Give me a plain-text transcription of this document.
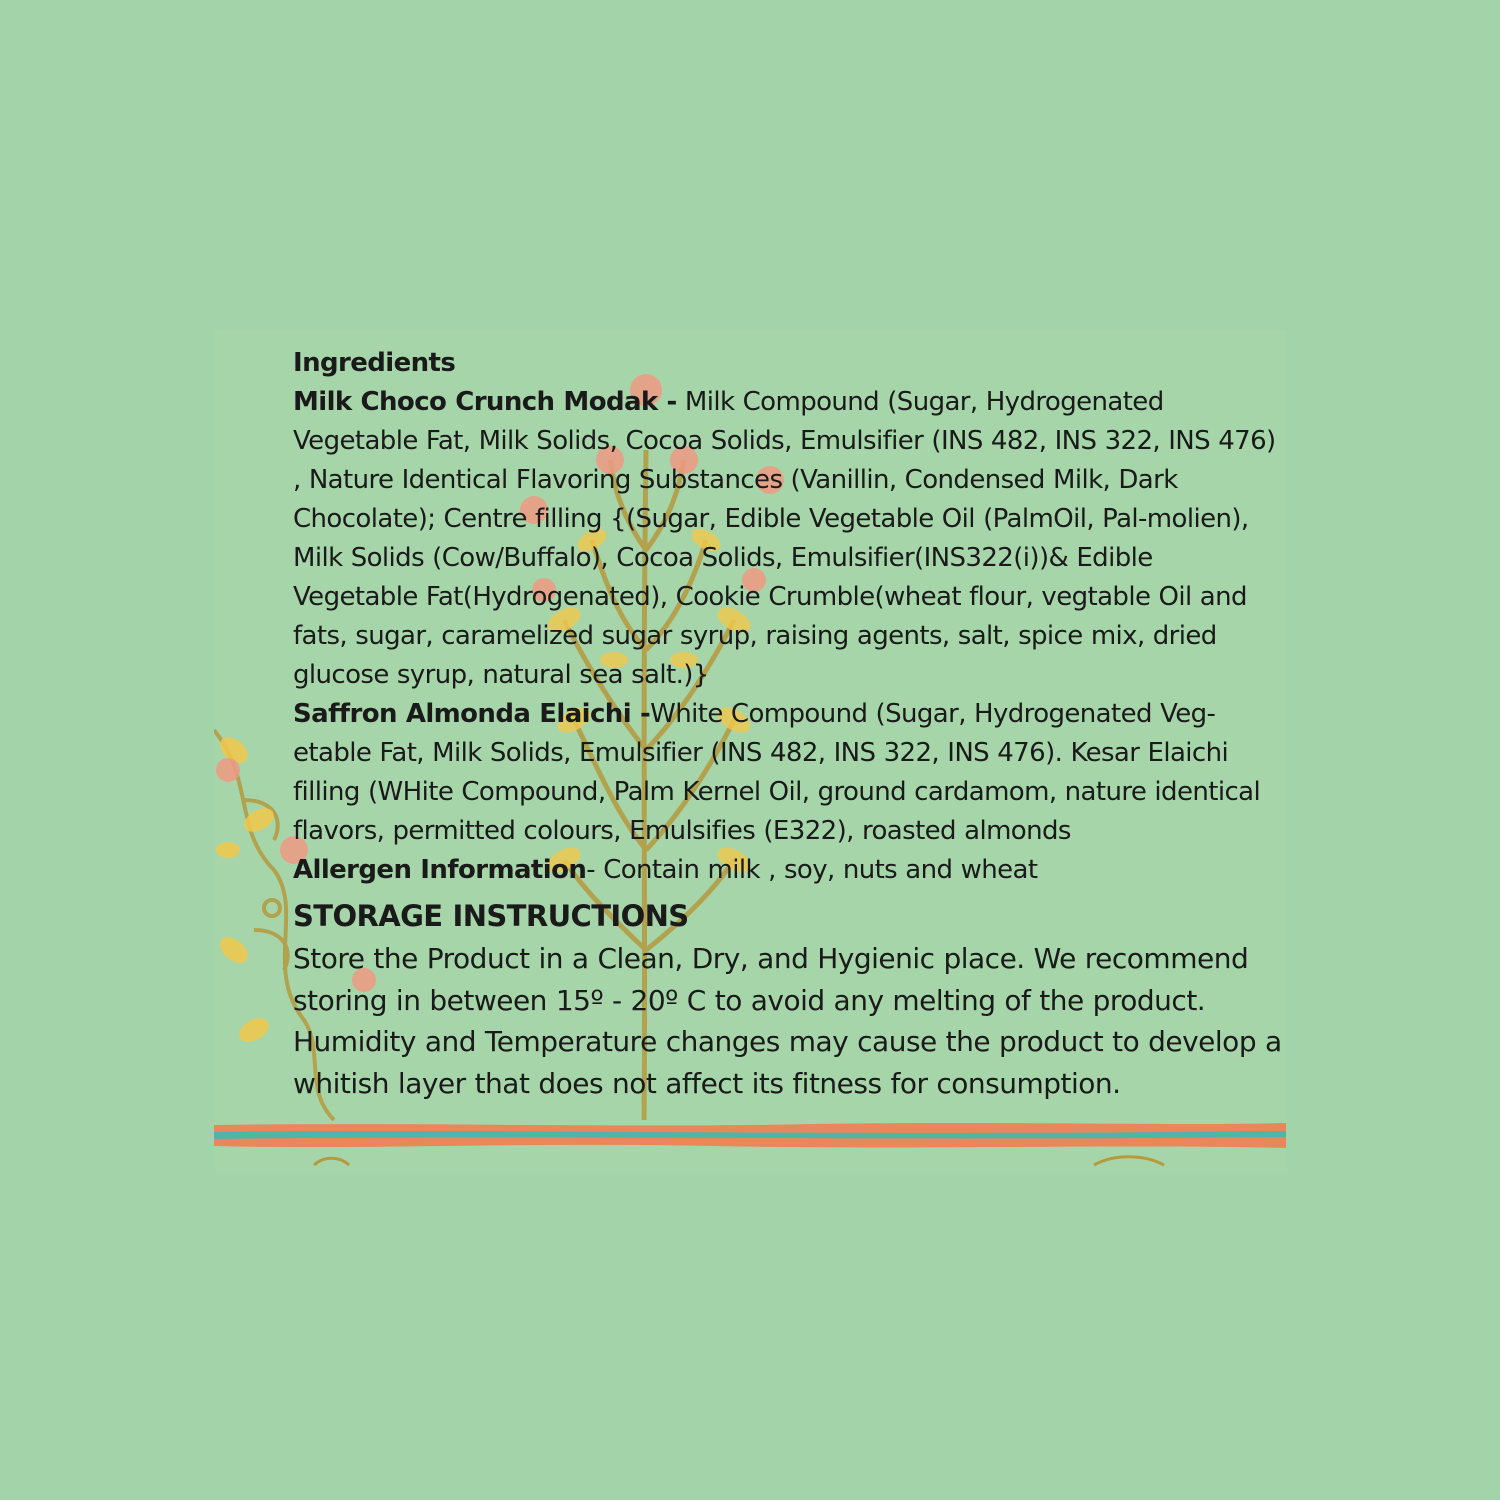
Ingredients

Milk Choco Crunch Modak - Milk Compound (Sugar, Hydrogenated Vegetable Fat, Milk Solids, Cocoa Solids, Emulsifier (INS 482, INS 322, INS 476) , Nature Identical Flavoring Substances (Vanillin, Condensed Milk, Dark Chocolate); Centre filling {(Sugar, Edible Vegetable Oil (PalmOil, Pal-molien), Milk Solids (Cow/Buffalo), Cocoa Solids, Emulsifier(INS322(i))& Edible Vegetable Fat(Hydrogenated), Cookie Crumble(wheat flour, vegtable Oil and fats, sugar, caramelized sugar syrup, raising agents, salt, spice mix, dried glucose syrup, natural sea salt.)}

Saffron Almonda Elaichi -White Compound (Sugar, Hydrogenated Veg-etable Fat, Milk Solids, Emulsifier (INS 482, INS 322, INS 476). Kesar Elaichi filling (WHite Compound, Palm Kernel Oil, ground cardamom, nature identical flavors, permitted colours, Emulsifies (E322), roasted almonds

Allergen Information- Contain milk , soy, nuts and wheat

STORAGE INSTRUCTIONS

Store the Product in a Clean, Dry, and Hygienic place. We recommend storing in between 15º - 20º C to avoid any melting of the product. Humidity and Temperature changes may cause the product to develop a whitish layer that does not affect its fitness for consumption.
